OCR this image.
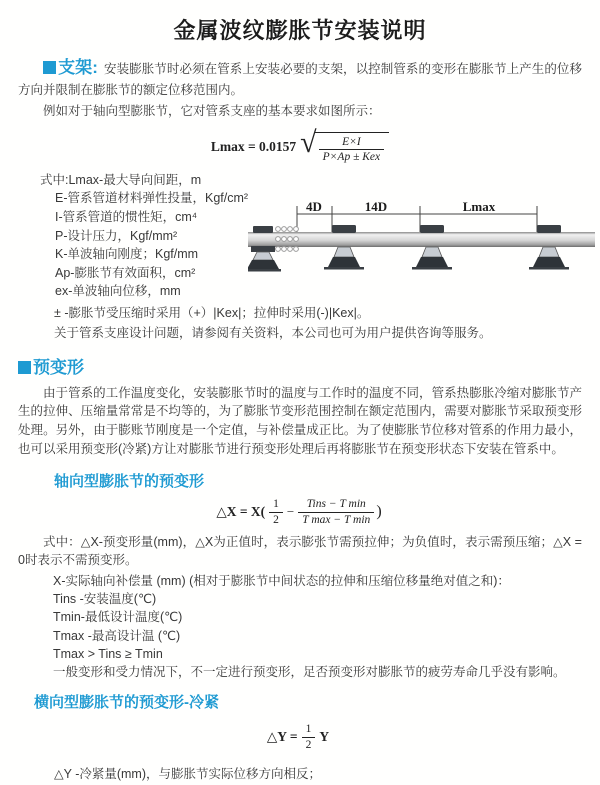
金属波纹膨胀节安装说明

支架: 安装膨胀节时必须在管系上安装必要的支架，以控制管系的变形在膨胀节上产生的位移方向并限制在膨胀节的额定位移范围内。

例如对于轴向型膨胀节，它对管系支座的基本要求如图所示：

Lmax = 0.0157 √ $\frac{E\times I}{\text{P×Ap ± Kex}}$
式中:Lmax-最大导向间距，m
E-管系管道材料弹性投量，Kgf/cm²
I-管系管道的惯性矩，cm⁴
P-设计压力，Kgf/mm²
K-单波轴向刚度；Kgf/mm
Ap-膨胀节有效面积，cm²
ex-单波轴向位移，mm
4D	14D	Lmax

± -膨胀节受压缩时采用（+）|Kex|；拉伸时采用(-)|Kex|。

关于管系支座设计问题，请参阅有关资料，本公司也可为用户提供咨询等服务。

预变形

由于管系的工作温度变化，安装膨胀节时的温度与工作时的温度不同，管系热膨胀冷缩对膨胀节产生的拉伸、压缩量常常是不均等的，为了膨胀节变形范围控制在额定范围内，需要对膨胀节采取预变形处理。另外，由于膨账节刚度是一个定值，与补偿量成正比。为了使膨胀节位移对管系的作用力最小，也可以采用预变形(冷紧)方让对膨胀节进行预变形处理后再将膨胀节在预变形状态下安装在管系中。

轴向型膨胀节的预变形
△X = $X( \frac{1}{2} - \frac{\text{Tins − T min}}{\text{T max − T min}}$ )

式中：△X-预变形量(mm)，△X为正值时，表示膨张节需预拉伸；为负值时，表示需预压缩；△X = 0时表示不需预变形。

X-实际轴向补偿量 (mm) (相对于膨胀节中间状态的拉伸和压缩位移量绝对值之和)：
Tins -安装温度(℃)
Tmin-最低设计温度(℃)
Tmax -最高设计温 (℃)
Tmax > Tins ≥ Tmin
一般变形和受力情况下，不一定进行预变形，足否预变形对膨胀节的疲劳寿命几乎没有影响。
横向型膨胀节的预变形-冷紧
△Y = $\frac{1}{2}$ Y

△Y -冷紧量(mm)，与膨胀节实际位移方向相反；
